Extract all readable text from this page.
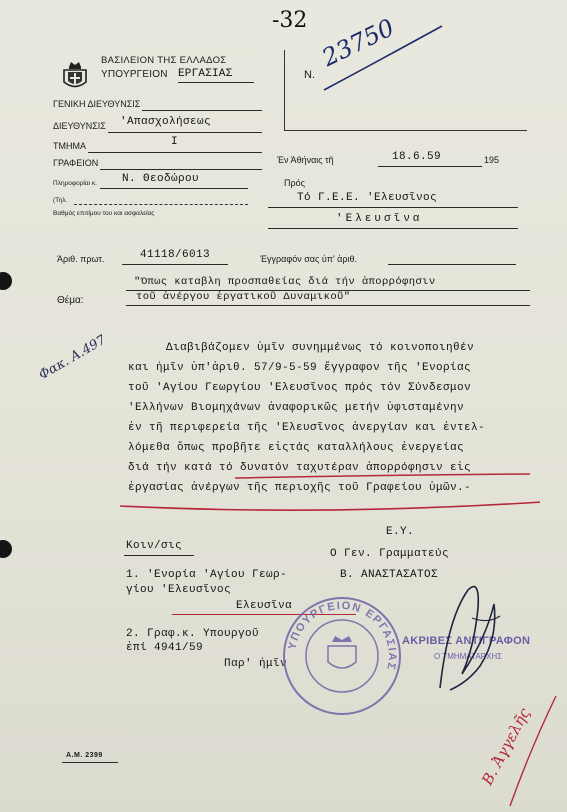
-32
ΒΑΣΙΛΕΙΟΝ ΤΗΣ ΕΛΛΑΔΟΣ
ΥΠΟΥΡΓΕΙΟΝ ΕΡΓΑΣΙΑΣ	Ν.
23750
ΓΕΝΙΚΗ ΔΙΕΥΘΥΝΣΙΣ
ΔΙΕΥΘΥΝΣΙΣ 'Απασχολήσεως
ΤΜΗΜΑ	Ι
ΓΡΑΦΕΙΟΝ
Πληροφορίαι κ. Ν. Θεοδώρου
(Τηλ.
Βαθμός επιτίμου του και ασφαλείας
Έν Άθήναις τῆ	18.6.59	195
Πρός
Τό Γ.Ε.Ε. 'Ελευσῖνος
'Ελευσῖνα
Άριθ. πρωτ.	41118/6013	Έγγραφόν σας ὑπ' ἀριθ.
"Όπως καταβλη προσπαθείας διά τήν ἀπορρόφησιν
Θέμα:	τοῦ ἀνέργου ἐργατικοῦ Δυναμικοῦ"
Φακ. Α.497	Διαβιβάζομεν ὑμῖν συνημμένως τό κοινοποιηθέν
και ἡμῖν ὑπ'ἀριθ. 57/9-5-59 ἔγγραφον τῆς 'Ενορίας
τοῦ 'Αγίου Γεωργίου 'Ελευσῖνος πρός τόν Σύνδεσμον
'Ελλήνων Βιομηχάνων ἀναφορικῶς μετήν ὑφισταμένην
ἐν τῆ περιφερεία τῆς 'Ελευσῖνος ἀνεργίαν και ἐντελ-
λόμεθα ὅπως προβῆτε εἰςτάς καταλλήλους ἐνεργείας
διά τήν κατά τό δυνατόν ταχυτέραν ἀπορρόφησιν εἰς
ἐργασίας ἀνέργων τῆς περιοχῆς τοῦ Γραφείου ὑμῶν.-
Ε.Υ.
Ο Γεν. Γραμματεύς
Β. ΑΝΑΣΤΑΣΑΤΟΣ
Κοιν/σις
1. 'Ενορία 'Αγίου Γεωρ-
γίου 'Ελευσῖνος
Ελευσῖνα
2. Γραφ.κ. Υπουργοῦ
ἐπί 4941/59
Παρ' ἡμῖν
ΥΠΟΥΡΓΕΙΟΝ ΕΡΓΑΣΙΑΣ
ΑΚΡΙΒΕΣ ΑΝΤΙΓΡΑΦΟΝ
Ο ΤΜΗΜΑΤΑΡΧΗΣ
Α.Μ. 2399	Β. Ἀγγελῆς
